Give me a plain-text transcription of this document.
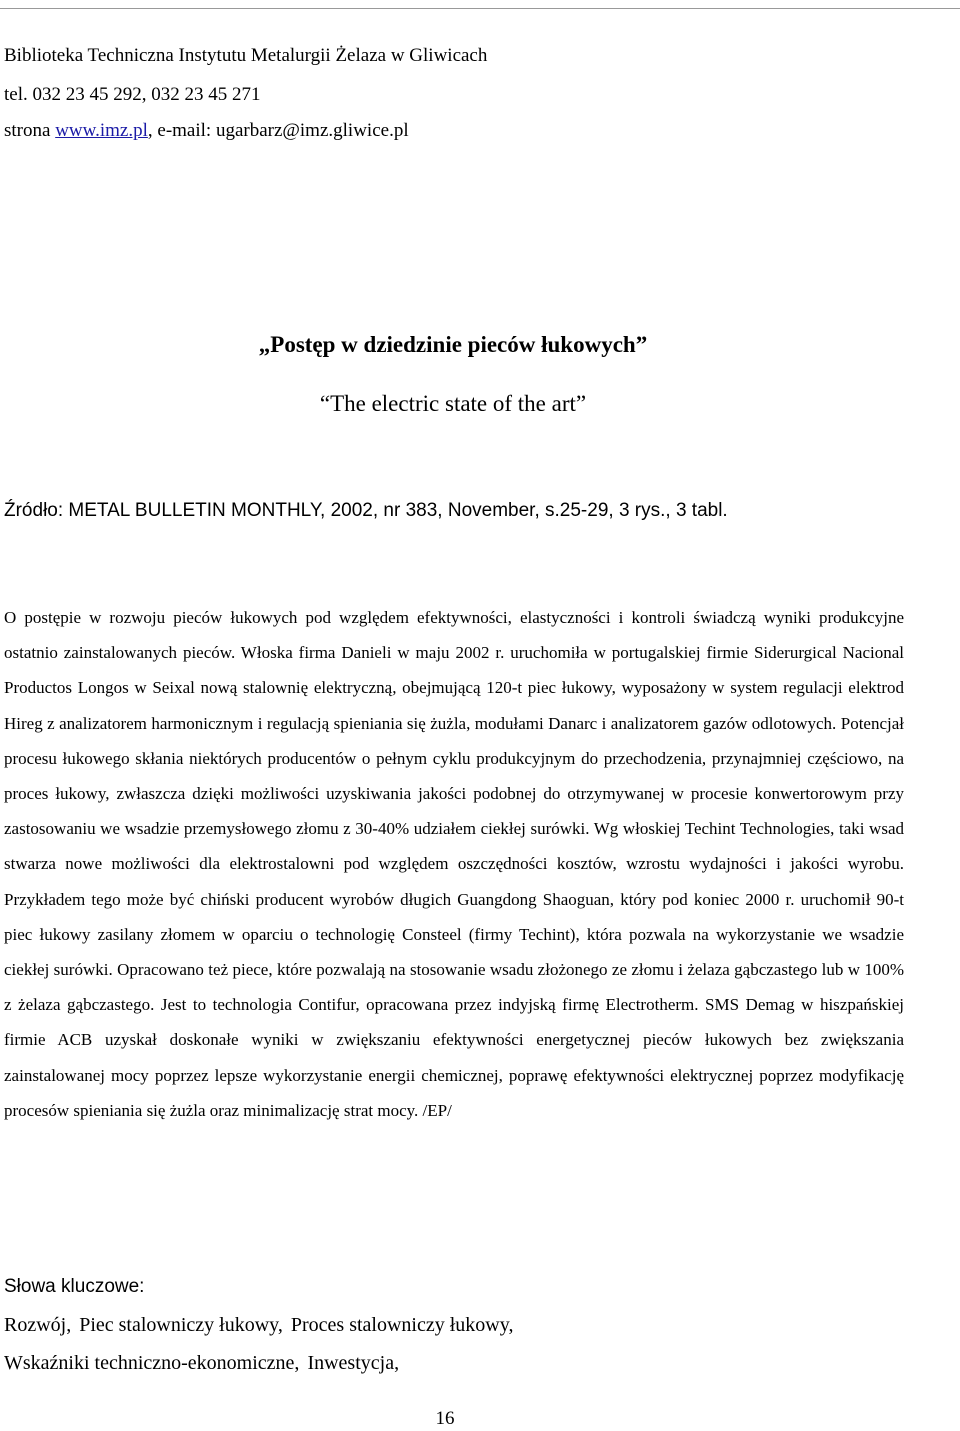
Biblioteka Techniczna Instytutu Metalurgii Żelaza w Gliwicach
tel. 032 23 45 292, 032 23 45 271
strona www.imz.pl, e-mail: ugarbarz@imz.gliwice.pl
„Postęp w dziedzinie pieców łukowych”
“The electric state of the art”
Źródło: METAL BULLETIN MONTHLY, 2002, nr 383, November, s.25-29, 3 rys., 3 tabl.

O postępie w rozwoju pieców łukowych pod względem efektywności, elastyczności i kontroli świadczą wyniki produkcyjne ostatnio zainstalowanych pieców. Włoska firma Danieli w maju 2002 r. uruchomiła w portugalskiej firmie Siderurgical Nacional Productos Longos w Seixal nową stalownię elektryczną, obejmującą 120-t piec łukowy, wyposażony w system regulacji elektrod Hireg z analizatorem harmonicznym i regulacją spieniania się żużla, modułami Danarc i analizatorem gazów odlotowych. Potencjał procesu łukowego skłania niektórych producentów o pełnym cyklu produkcyjnym do przechodzenia, przynajmniej częściowo, na proces łukowy, zwłaszcza dzięki możliwości uzyskiwania jakości podobnej do otrzymywanej w procesie konwertorowym przy zastosowaniu we wsadzie przemysłowego złomu z 30-40% udziałem ciekłej surówki. Wg włoskiej Techint Technologies, taki wsad stwarza nowe możliwości dla elektrostalowni pod względem oszczędności kosztów, wzrostu wydajności i jakości wyrobu. Przykładem tego może być chiński producent wyrobów długich Guangdong Shaoguan, który pod koniec 2000 r. uruchomił 90-t piec łukowy zasilany złomem w oparciu o technologię Consteel (firmy Techint), która pozwala na wykorzystanie we wsadzie ciekłej surówki. Opracowano też piece, które pozwalają na stosowanie wsadu złożonego ze złomu i żelaza gąbczastego lub w 100% z żelaza gąbczastego. Jest to technologia Contifur, opracowana przez indyjską firmę Electrotherm. SMS Demag w hiszpańskiej firmie ACB uzyskał doskonałe wyniki w zwiększaniu efektywności energetycznej pieców łukowych bez zwiększania zainstalowanej mocy poprzez lepsze wykorzystanie energii chemicznej, poprawę efektywności elektrycznej poprzez modyfikację procesów spieniania się żużla oraz minimalizację strat mocy. /EP/

Słowa kluczowe:
Rozwój, Piec stalowniczy łukowy, Proces stalowniczy łukowy,
Wskaźniki techniczno-ekonomiczne, Inwestycja,
16
